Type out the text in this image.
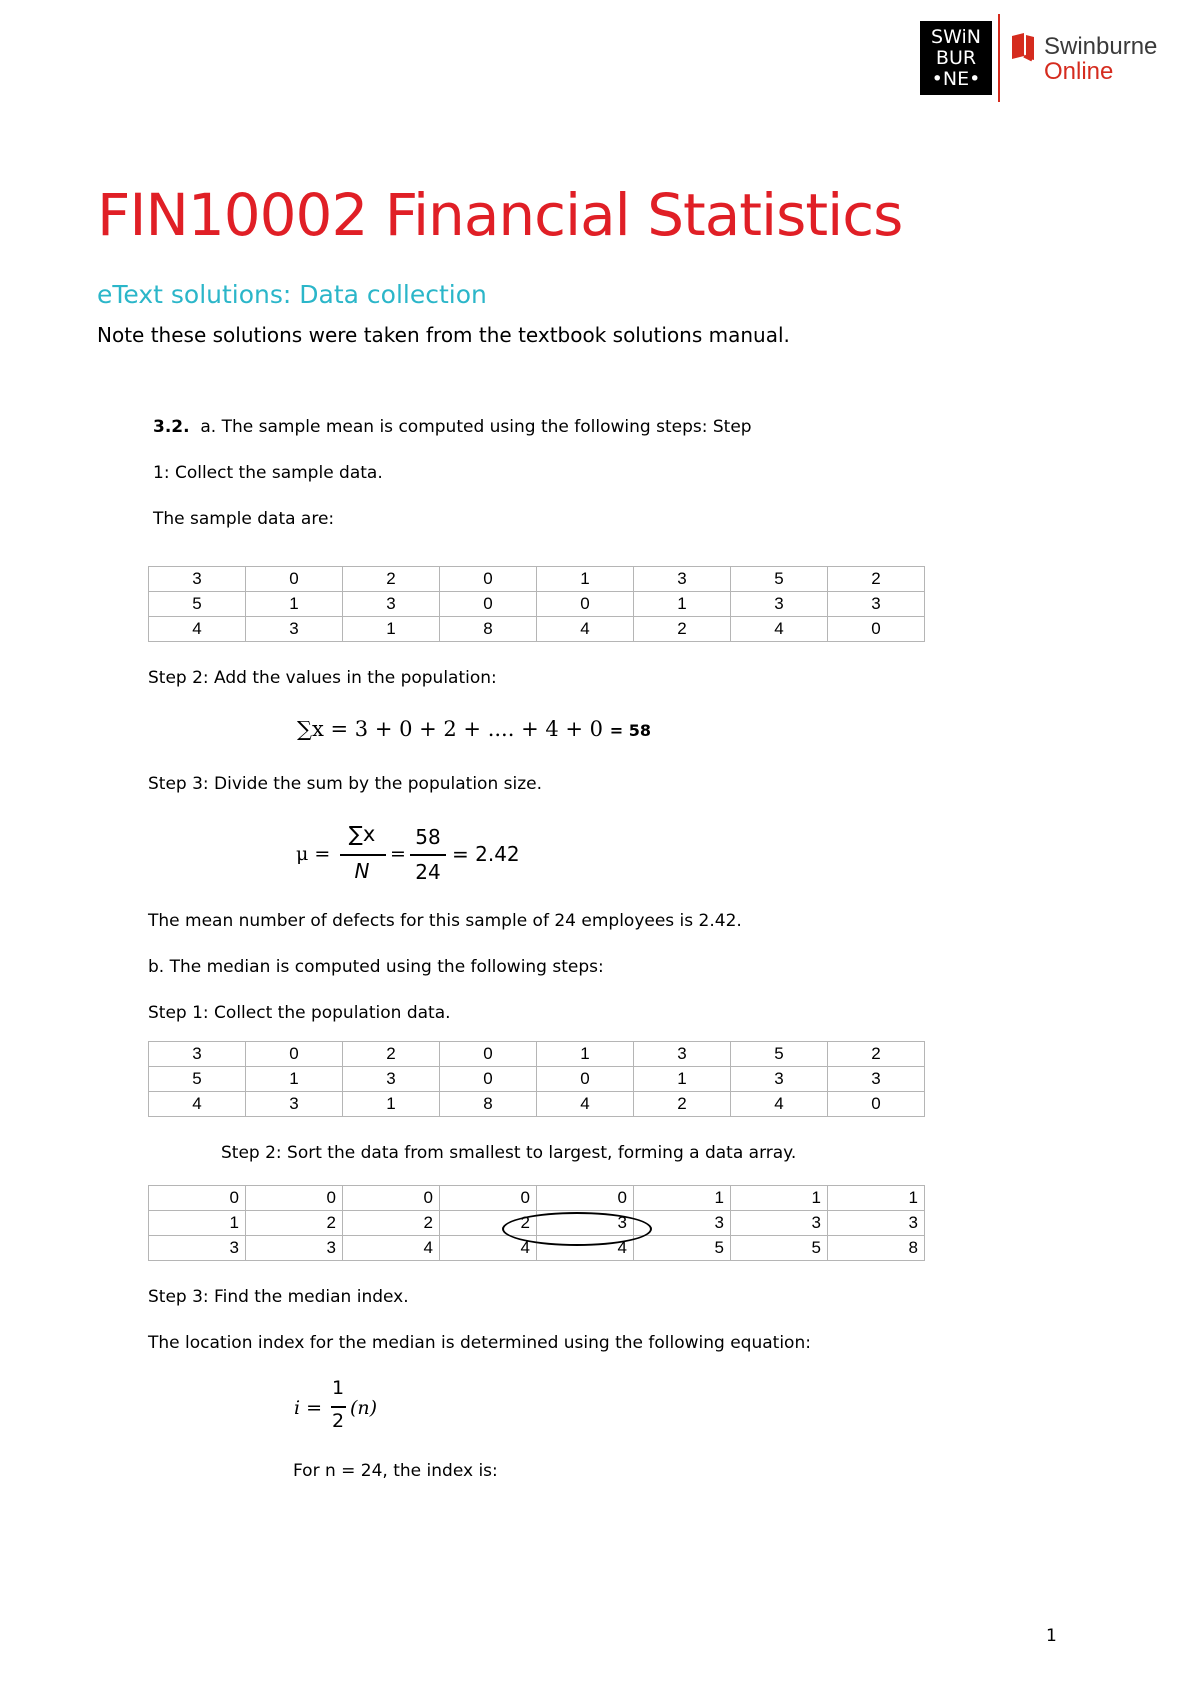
SWiN
BUR
•NE•
Swinburne
Online
FIN10002 Financial Statistics
eText solutions: Data collection
Note these solutions were taken from the textbook solutions manual.
3.2. a. The sample mean is computed using the following steps: Step
1: Collect the sample data.
The sample data are:
3	0	2	0	1	3	5	2
5	1	3	0	0	1	3	3
4	3	1	8	4	2	4	0
Step 2: Add the values in the population:
∑x = 3 + 0 + 2 + .... + 4 + 0 = 58
Step 3: Divide the sum by the population size.
μ =
∑x
N
=
58
24
= 2.42
The mean number of defects for this sample of 24 employees is 2.42.
b. The median is computed using the following steps:
Step 1: Collect the population data.
3	0	2	0	1	3	5	2
5	1	3	0	0	1	3	3
4	3	1	8	4	2	4	0
Step 2: Sort the data from smallest to largest, forming a data array.
0	0	0	0	0	1	1	1
1	2	2	2	3	3	3	3
3	3	4	4	4	5	5	8
Step 3: Find the median index.
The location index for the median is determined using the following equation:
i =
1
2
(n)
For n = 24, the index is:
1
